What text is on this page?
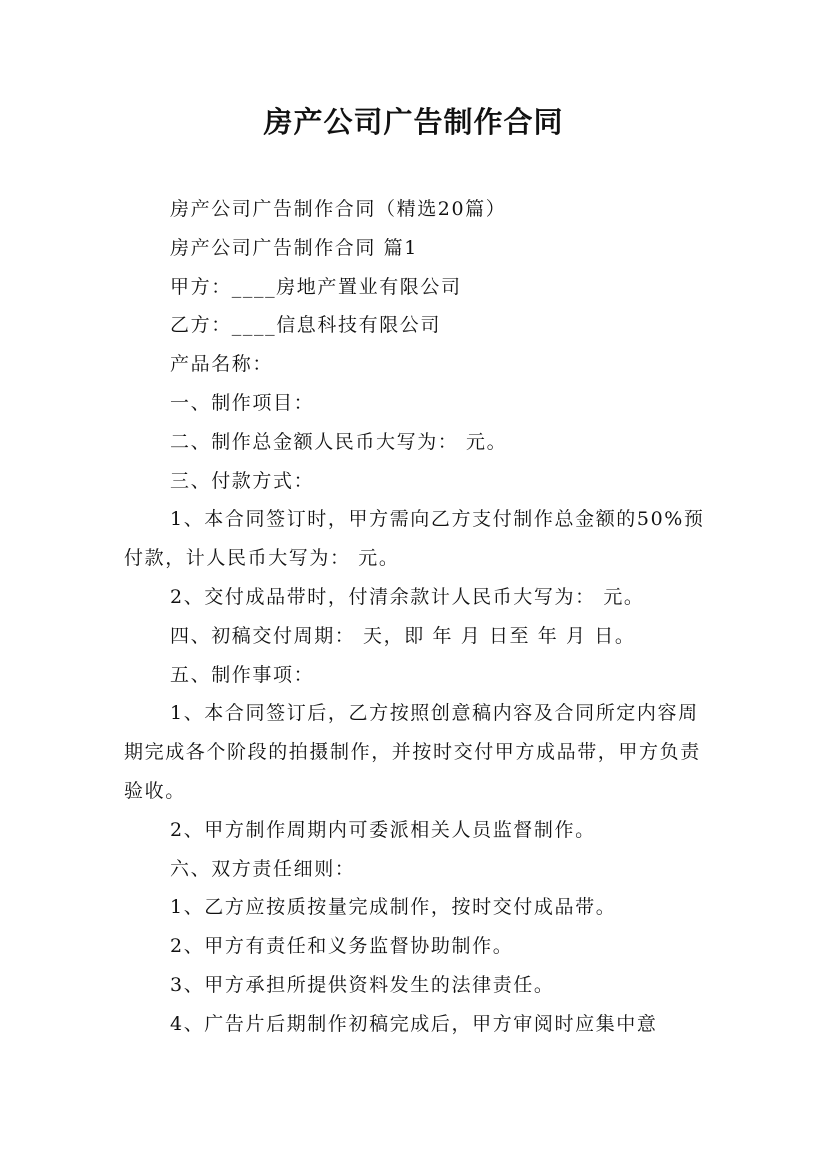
房产公司广告制作合同

房产公司广告制作合同（精选20篇）

房产公司广告制作合同 篇1

甲方：____房地产置业有限公司

乙方：____信息科技有限公司

产品名称：

一、制作项目：

二、制作总金额人民币大写为： 元。

三、付款方式：

1、本合同签订时，甲方需向乙方支付制作总金额的50%预付款，计人民币大写为： 元。

2、交付成品带时，付清余款计人民币大写为： 元。

四、初稿交付周期： 天，即 年 月 日至 年 月 日。

五、制作事项：

1、本合同签订后，乙方按照创意稿内容及合同所定内容周期完成各个阶段的拍摄制作，并按时交付甲方成品带，甲方负责验收。

2、甲方制作周期内可委派相关人员监督制作。

六、双方责任细则：

1、乙方应按质按量完成制作，按时交付成品带。

2、甲方有责任和义务监督协助制作。

3、甲方承担所提供资料发生的法律责任。

4、广告片后期制作初稿完成后，甲方审阅时应集中意
